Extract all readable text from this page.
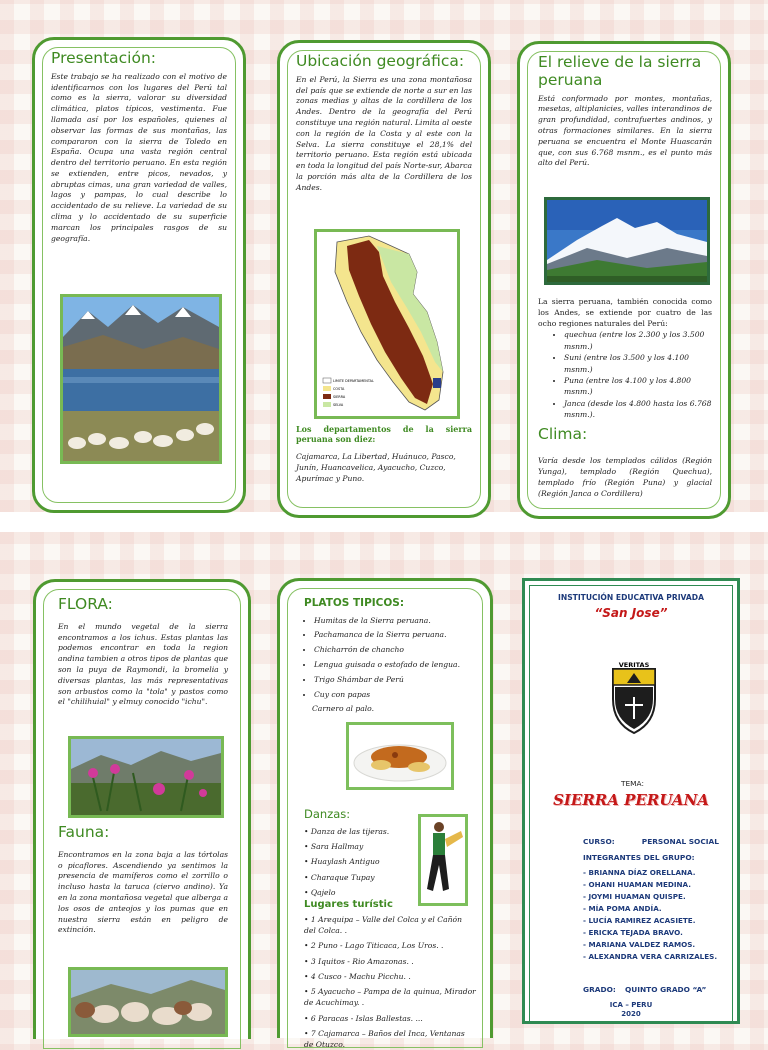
Presentación:

Este trabajo se ha realizado con el motivo de identificarnos con los lugares del Perú tal como es la sierra, valorar su diversidad climática, platos típicos, vestimenta. Fue llamada así por los españoles, quienes al observar las formas de sus montañas, las compararon con la sierra de Toledo en España. Ocupa una vasta región central dentro del territorio peruano. En esta región se extienden, entre picos, nevados, y abruptas cimas, una gran variedad de valles, lagos y pampas, lo cual describe lo accidentado de su relieve. La variedad de su clima y lo accidentado de su superficie marcan los principales rasgos de su geografía.

Ubicación geográfica:

En el Perú, la Sierra es una zona montañosa del país que se extiende de norte a sur en las zonas medias y altas de la cordillera de los Andes. Dentro de la geografía del Perú constituye una región natural. Limita al oeste con la región de la Costa y al este con la Selva. La sierra constituye el 28,1% del territorio peruano. Esta región está ubicada en toda la longitud del país Norte-sur, Abarca la porción más alta de la Cordillera de los Andes.

LIMITE DEPARTAMENTAL
COSTA
SIERRA
SELVA
Los departamentos de la sierra peruana son diez:

Cajamarca, La Libertad, Huánuco, Pasco, Junín, Huancavelica, Ayacucho, Cuzco, Apurímac y Puno.

El relieve de la sierra peruana

Está conformado por montes, montañas, mesetas, altiplanicies, valles interandinos de gran profundidad, contrafuertes andinos, y otras formaciones similares. En la sierra peruana se encuentra el Monte Huascarán que, con sus 6.768 msnm., es el punto más alto del Perú.

La sierra peruana, también conocida como los Andes, se extiende por cuatro de las ocho regiones naturales del Perú:

• quechua (entre los 2.300 y los 3.500 msnm.)
• Suni (entre los 3.500 y los 4.100 msnm.)
• Puna (entre los 4.100 y los 4.800 msnm.)
• Janca (desde los 4.800 hasta los 6.768 msnm.).
Clima:

Varía desde los templados cálidos (Región Yunga), templado (Región Quechua), templado frío (Región Puna) y glacial (Región Janca o Cordillera)

FLORA:

En el mundo vegetal de la sierra encontramos a los ichus. Estas plantas las podemos encontrar en toda la region andina tambien a otros tipos de plantas que son la puya de Raymondi, la bromelia y diversas plantas, las más representativas son arbustos como la "tola" y pastos como el "chilihuial" y elmuy conocido "ichu".

Fauna:

Encontramos en la zona baja a las tórtolas o picaflores. Ascendiendo ya sentimos la presencia de mamíferos como el zorrillo o incluso hasta la taruca (ciervo andino). Ya en la zona montañosa vegetal que alberga a los osos de anteojos y los pumas que en nuestra sierra están en peligro de extinción.

PLATOS TIPICOS:
• Humitas de la Sierra peruana.
• Pachamanca de la Sierra peruana.
• Chicharrón de chancho
• Lengua guisada o estofado de lengua.
• Trigo Shámbar de Perú
• Cuy con papas
Carnero al palo.
Danzas:
• Danza de las tijeras.
• Sara Hallmay
• Huaylash Antiguo
• Charaque Tupay
• Qajelo
Lugares turístic
• 1 Arequipa – Valle del Colca y el Cañón del Colca. .
• 2 Puno - Lago Titicaca, Los Uros. .
• 3 Iquitos - Rio Amazonas. .
• 4 Cusco - Machu Picchu. .
• 5 Ayacucho – Pampa de la quinua, Mirador de Acuchimay. .
• 6 Paracas - Islas Ballestas. ...
• 7 Cajamarca – Baños del Inca, Ventanas de Otuzco.
INSTITUCIÓN EDUCATIVA PRIVADA
“San Jose”
VERITAS
TEMA:
SIERRA PERUANA
CURSO:	PERSONAL SOCIAL
INTEGRANTES DEL GRUPO:
- BRIANNA DÍAZ ORELLANA.
- OHANI HUAMAN MEDINA.
- JOYMI HUAMAN QUISPE.
- MÍA POMA ANDÍA.
- LUCÍA RAMIREZ ACASIETE.
- ERICKA TEJADA BRAVO.
- MARIANA VALDEZ RAMOS.
- ALEXANDRA VERA CARRIZALES.
GRADO: QUINTO GRADO “A”
ICA – PERU
2020
